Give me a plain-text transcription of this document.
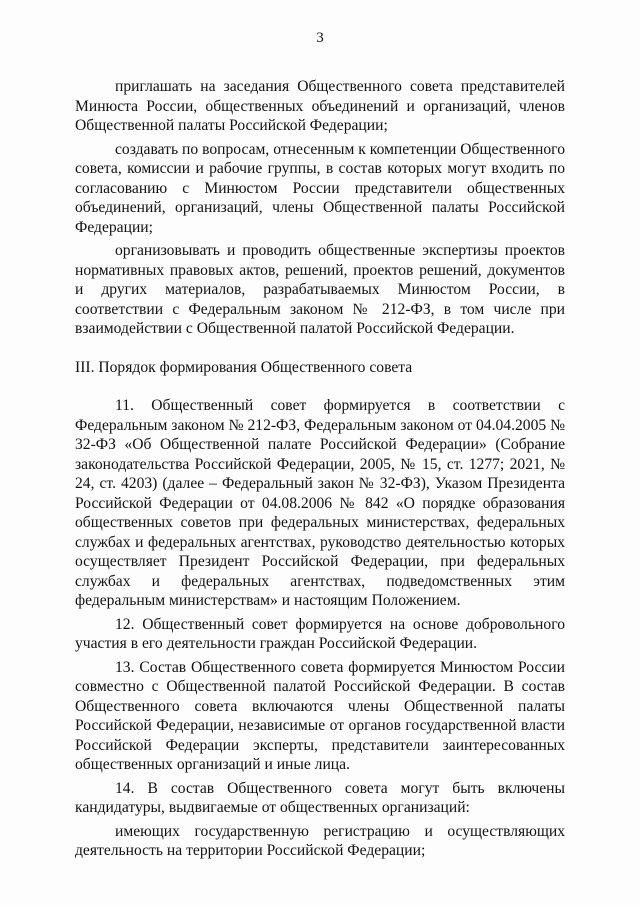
3

приглашать на заседания Общественного совета представителей Минюста России, общественных объединений и организаций, членов Общественной палаты Российской Федерации;

создавать по вопросам, отнесенным к компетенции Общественного совета, комиссии и рабочие группы, в состав которых могут входить по согласованию с Минюстом России представители общественных объединений, организаций, члены Общественной палаты Российской Федерации;

организовывать и проводить общественные экспертизы проектов нормативных правовых актов, решений, проектов решений, документов и других материалов, разрабатываемых Минюстом России, в соответствии с Федеральным законом № 212-ФЗ, в том числе при взаимодействии с Общественной палатой Российской Федерации.

III. Порядок формирования Общественного совета

11. Общественный совет формируется в соответствии с Федеральным законом № 212-ФЗ, Федеральным законом от 04.04.2005 № 32-ФЗ «Об Общественной палате Российской Федерации» (Собрание законодательства Российской Федерации, 2005, № 15, ст. 1277; 2021, № 24, ст. 4203) (далее – Федеральный закон № 32-ФЗ), Указом Президента Российской Федерации от 04.08.2006 № 842 «О порядке образования общественных советов при федеральных министерствах, федеральных службах и федеральных агентствах, руководство деятельностью которых осуществляет Президент Российской Федерации, при федеральных службах и федеральных агентствах, подведомственных этим федеральным министерствам» и настоящим Положением.

12. Общественный совет формируется на основе добровольного участия в его деятельности граждан Российской Федерации.

13. Состав Общественного совета формируется Минюстом России совместно с Общественной палатой Российской Федерации. В состав Общественного совета включаются члены Общественной палаты Российской Федерации, независимые от органов государственной власти Российской Федерации эксперты, представители заинтересованных общественных организаций и иные лица.

14. В состав Общественного совета могут быть включены кандидатуры, выдвигаемые от общественных организаций:

имеющих государственную регистрацию и осуществляющих деятельность на территории Российской Федерации;
